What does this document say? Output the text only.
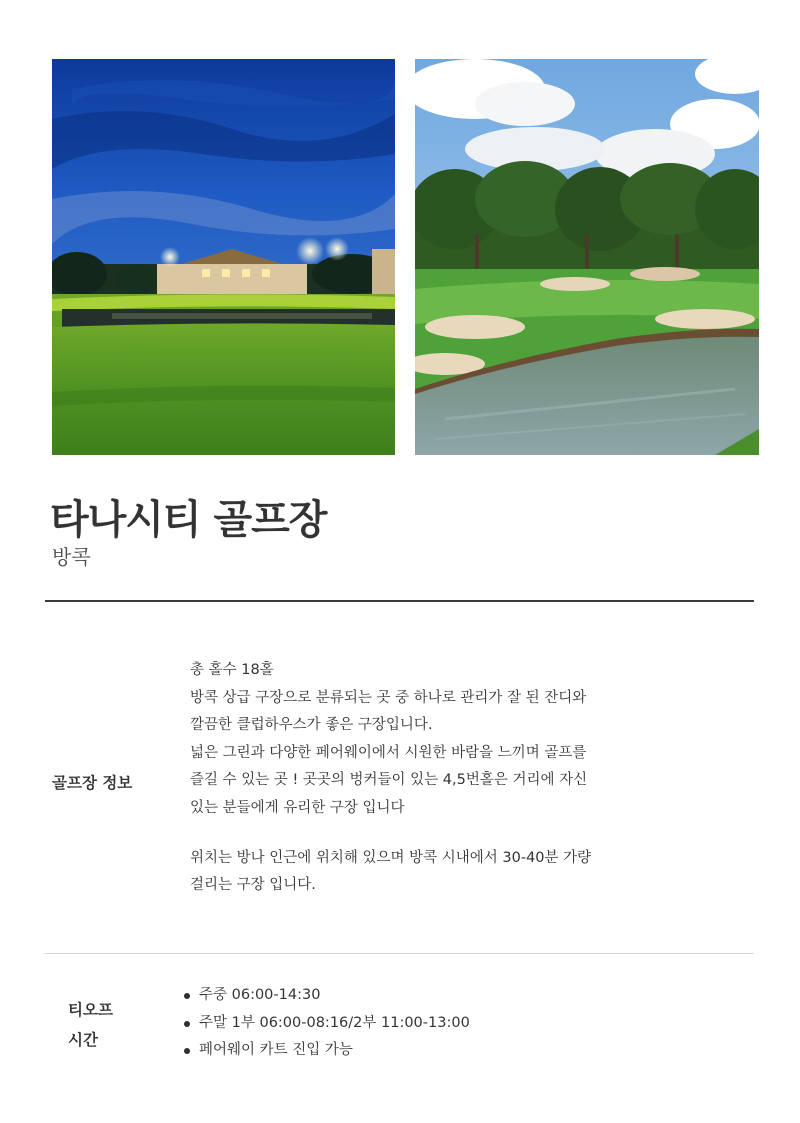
타나시티 골프장

방콕

골프장 정보
총 홀수 18홀
방콕 상급 구장으로 분류되는 곳 중 하나로 관리가 잘 된 잔디와
깔끔한 클럽하우스가 좋은 구장입니다.
넓은 그린과 다양한 페어웨이에서 시원한 바람을 느끼며 골프를
즐길 수 있는 곳 ! 곳곳의 벙커들이 있는 4,5번홀은 거리에 자신
있는 분들에게 유리한 구장 입니다
위치는 방나 인근에 위치해 있으며 방콕 시내에서 30-40분 가량
걸리는 구장 입니다.
티오프
시간
주중 06:00-14:30
주말 1부 06:00-08:16/2부 11:00-13:00
페어웨이 카트 진입 가능
